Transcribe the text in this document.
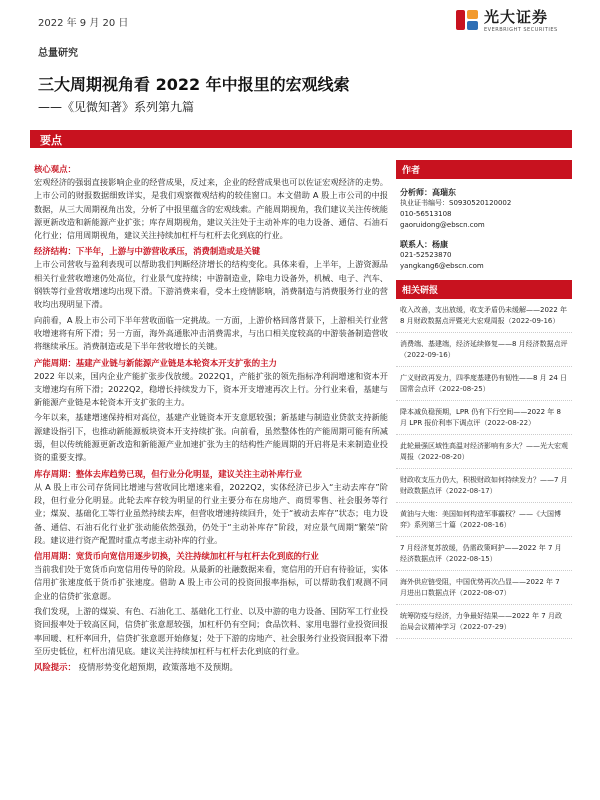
2022 年 9 月 20 日	光大证券
EVERBRIGHT SECURITIES
总量研究
三大周期视角看 2022 年中报里的宏观线索
——《见微知著》系列第九篇
要点
核心观点：
宏观经济的强弱直接影响企业的经营成果，反过来，企业的经营成果也可以佐证宏观经济的走势。上市公司的财报数据细致详实，是我们观察微观结构的较佳窗口。本文借助 A 股上市公司的中报数据，从三大周期视角出发，分析了中报里蕴含的宏观线索。产能周期视角，我们建议关注传统能源更新改造和新能源产业扩张；库存周期视角，建议关注处于主动补库的电力设备、通信、石油石化行业；信用周期视角，建议关注持续加杠杆与杠杆去化到底的行业。
经济结构：下半年，上游与中游营收承压，消费制造或是关键
上市公司营收与盈利表现可以帮助我们判断经济增长的结构变化。具体来看，上半年，上游资源品相关行业营收增速仍处高位，行业景气度持续；中游制造业，除电力设备外，机械、电子、汽车、钢铁等行业营收增速均出现下滑。下游消费来看，受本土疫情影响，消费制造与消费服务行业的营收均出现明显下滑。
向前看，A 股上市公司下半年营收面临一定挑战。一方面，上游价格回落背景下，上游相关行业营收增速将有所下滑；另一方面，海外高通胀冲击消费需求，与出口相关度较高的中游装备制造营收将继续承压。消费制造或是下半年营收增长的关键。
产能周期：基建产业链与新能源产业链是本轮资本开支扩张的主力
2022 年以来，国内企业产能扩张步伐放缓。2022Q1，产能扩张的领先指标净利润增速和资本开支增速均有所下滑；2022Q2，稳增长持续发力下，资本开支增速再次上行。分行业来看，基建与新能源产业链是本轮资本开支扩张的主力。
今年以来，基建增速保持相对高位，基建产业链资本开支意愿较强；新基建与制造业贷款支持新能源建设指引下，也推动新能源板块资本开支持续扩张。向前看，虽然整体性的产能周期可能有所减弱，但以传统能源更新改造和新能源产业加速扩张为主的结构性产能周期的开启将是未来制造业投资的重要支撑。
库存周期：整体去库趋势已现，但行业分化明显，建议关注主动补库行业
从 A 股上市公司存货同比增速与营收同比增速来看，2022Q2，实体经济已步入“主动去库存”阶段，但行业分化明显。此轮去库存较为明显的行业主要分布在房地产、商贸零售、社会服务等行业；煤炭、基础化工等行业虽然持续去库，但营收增速持续回升，处于“被动去库存”状态；电力设备、通信、石油石化行业扩张动能依然强劲，仍处于“主动补库存”阶段，对应景气周期“繁荣”阶段。建议进行资产配置时重点考虑主动补库的行业。
信用周期：宽货币向宽信用逐步切换，关注持续加杠杆与杠杆去化到底的行业
当前我们处于宽货币向宽信用传导的阶段。从最新的社融数据来看，宽信用的开启有待验证，实体信用扩张速度低于货币扩张速度。借助 A 股上市公司的投资回报率指标，可以帮助我们观测不同企业的信贷扩张意愿。
我们发现，上游的煤炭、有色、石油化工、基础化工行业、以及中游的电力设备、国防军工行业投资回报率处于较高区间，信贷扩张意愿较强，加杠杆仍有空间；食品饮料、家用电器行业投资回报率回暖、杠杆率回升，信贷扩张意愿开始修复；处于下游的房地产、社会服务行业投资回报率下滑至历史低位，杠杆出清见底。建议关注持续加杠杆与杠杆去化到底的行业。
风险提示： 疫情形势变化超预期，政策落地不及预期。
作者
分析师：高瑞东
执业证书编号：S0930520120002
010-56513108
gaoruidong@ebscn.com
联系人：杨康
021-52523870
yangkang6@ebscn.com
相关研报
收入改善，支出放缓，收支矛盾仍未缓解——2022 年 8 月财政数据点评暨光大宏观周报（2022-09-16）
消费端、基建端，经济延续修复——8 月经济数据点评（2022-09-16）
广义财政再发力，四季度基建仍有韧性——8 月 24 日国常会点评（2022-08-25）
降本减负稳预期，LPR 仍有下行空间——2022 年 8 月 LPR 报价利率下调点评（2022-08-22）
此轮最强区域性高温对经济影响有多大？——光大宏观周报（2022-08-20）
财政收支压力仍大，积极财政如何持续发力？——7 月财政数据点评（2022-08-17）
黄油与大炮：美国如何构造军事霸权？——《大国博弈》系列第三十篇（2022-08-16）
7 月经济复苏放缓，仍需政策呵护——2022 年 7 月经济数据点评（2022-08-15）
海外供应链受阻，中国优势再次凸显——2022 年 7 月进出口数据点评（2022-08-07）
统筹防疫与经济，力争最好结果——2022 年 7 月政治局会议精神学习（2022-07-29）
